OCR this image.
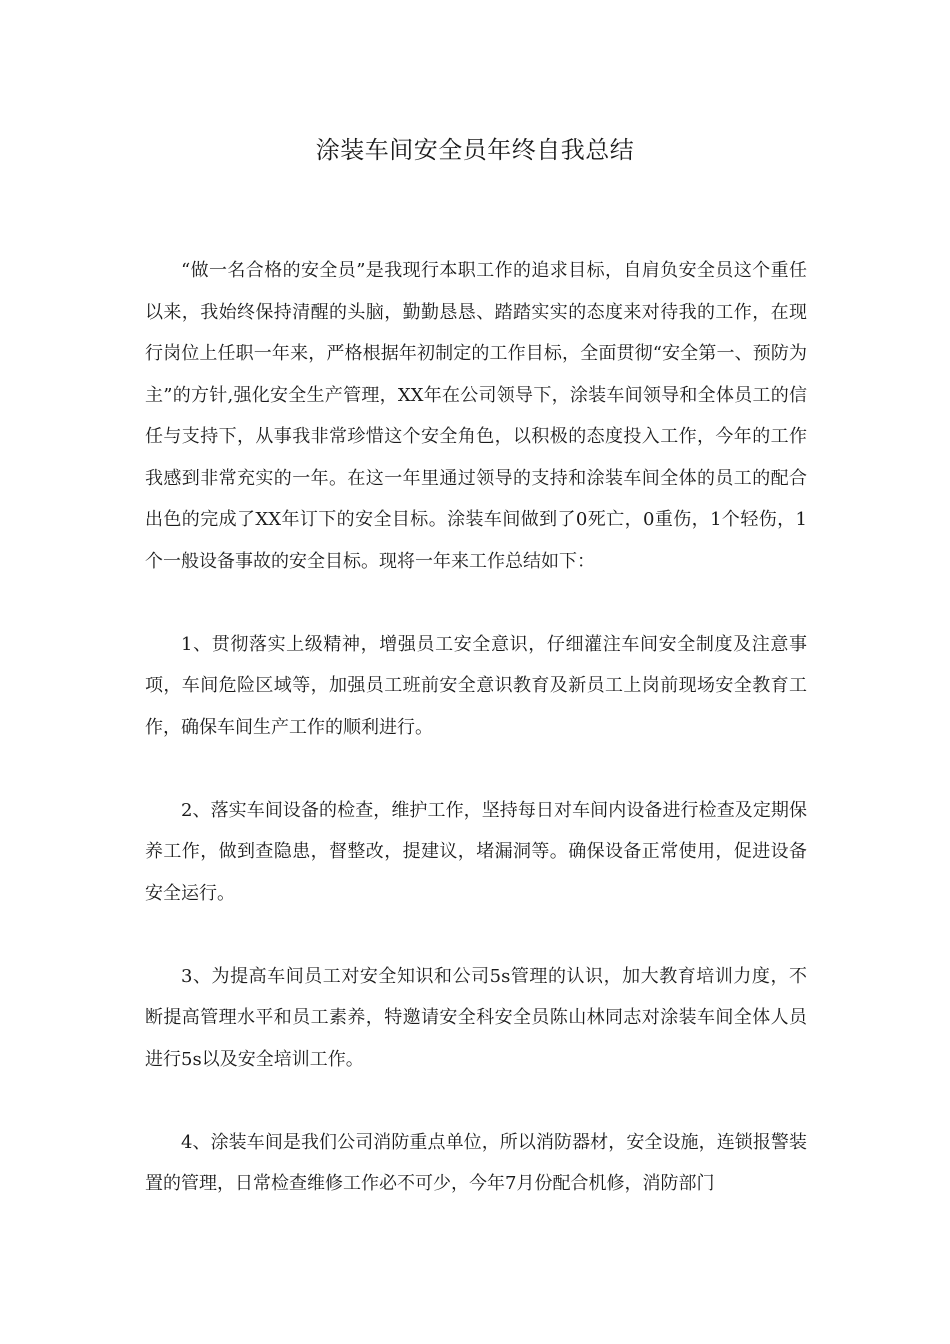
涂装车间安全员年终自我总结

“做一名合格的安全员”是我现行本职工作的追求目标，自肩负安全员这个重任以来，我始终保持清醒的头脑，勤勤恳恳、踏踏实实的态度来对待我的工作，在现行岗位上任职一年来，严格根据年初制定的工作目标，全面贯彻“安全第一、预防为主”的方针,强化安全生产管理，XX年在公司领导下，涂装车间领导和全体员工的信任与支持下，从事我非常珍惜这个安全角色，以积极的态度投入工作，今年的工作我感到非常充实的一年。在这一年里通过领导的支持和涂装车间全体的员工的配合出色的完成了XX年订下的安全目标。涂装车间做到了0死亡，0重伤，1个轻伤，1个一般设备事故的安全目标。现将一年来工作总结如下：

1、贯彻落实上级精神，增强员工安全意识，仔细灌注车间安全制度及注意事项，车间危险区域等，加强员工班前安全意识教育及新员工上岗前现场安全教育工作，确保车间生产工作的顺利进行。

2、落实车间设备的检查，维护工作，坚持每日对车间内设备进行检查及定期保养工作，做到查隐患，督整改，提建议，堵漏洞等。确保设备正常使用，促进设备安全运行。

3、为提高车间员工对安全知识和公司5s管理的认识，加大教育培训力度，不断提高管理水平和员工素养，特邀请安全科安全员陈山林同志对涂装车间全体人员进行5s以及安全培训工作。

4、涂装车间是我们公司消防重点单位，所以消防器材，安全设施，连锁报警装置的管理，日常检查维修工作必不可少，今年7月份配合机修，消防部门
